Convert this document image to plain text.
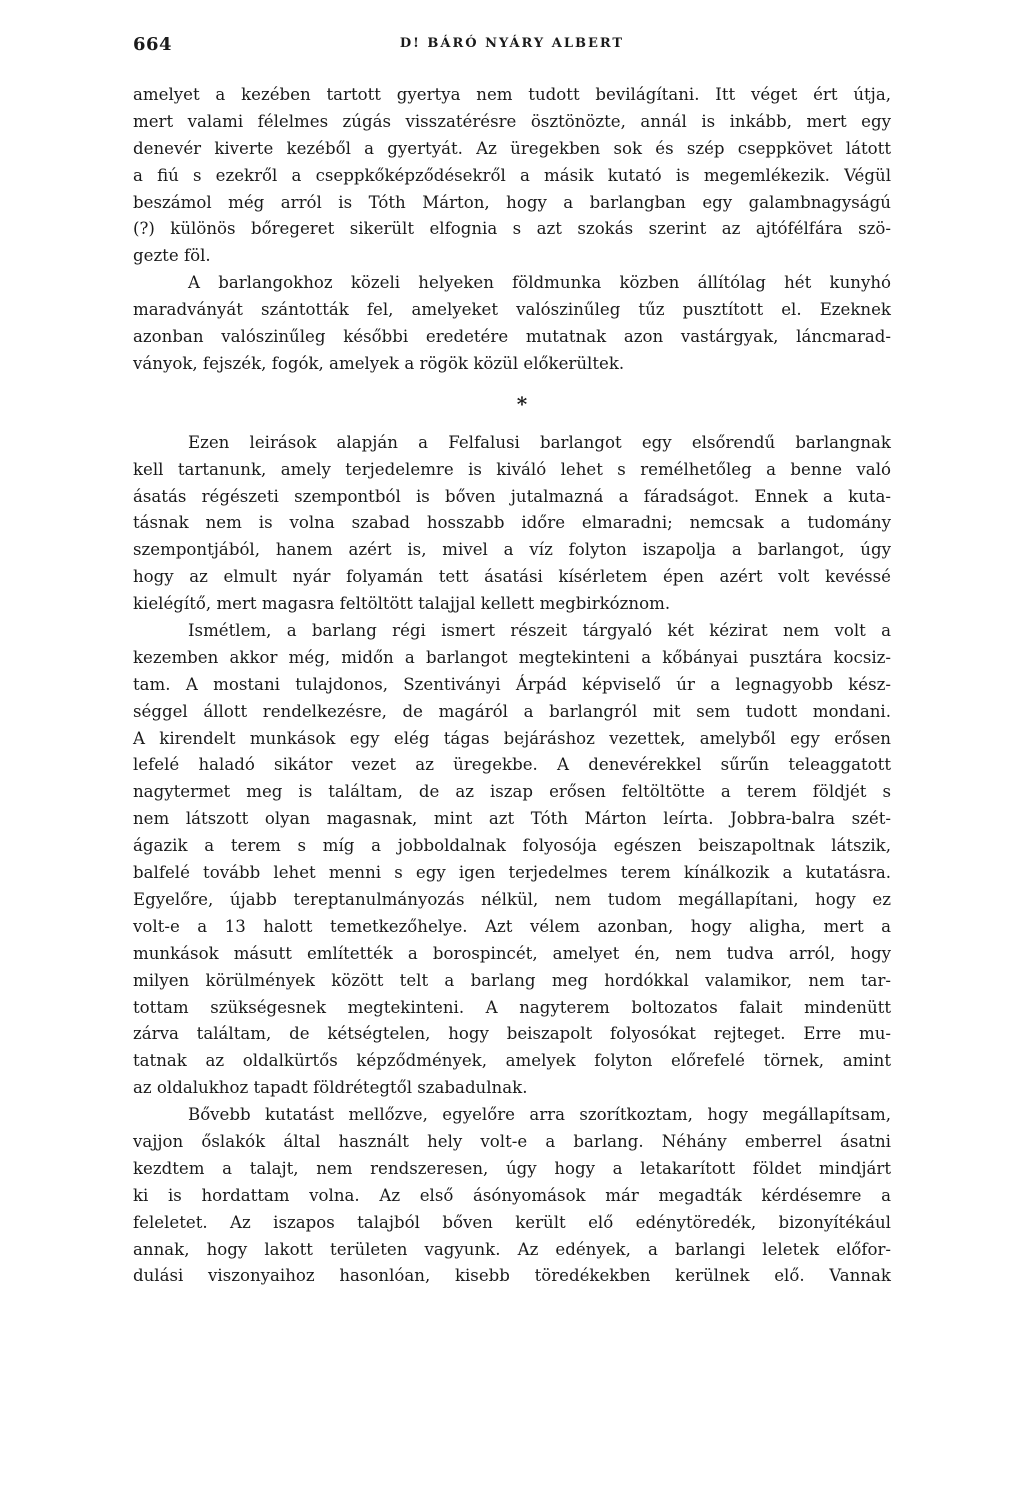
664	D! BÁRÓ NYÁRY ALBERT
amelyet a kezében tartott gyertya nem tudott bevilágítani. Itt véget ért útja,
mert valami félelmes zúgás visszatérésre ösztönözte, annál is inkább, mert egy
denevér kiverte kezéből a gyertyát. Az üregekben sok és szép cseppkövet látott
a fiú s ezekről a cseppkőképződésekről a másik kutató is megemlékezik. Végül
beszámol még arról is Tóth Márton, hogy a barlangban egy galambnagyságú
(?) különös bőregeret sikerült elfognia s azt szokás szerint az ajtófélfára szö-
gezte föl.
A barlangokhoz közeli helyeken földmunka közben állítólag hét kunyhó
maradványát szántották fel, amelyeket valószinűleg tűz pusztított el. Ezeknek
azonban valószinűleg későbbi eredetére mutatnak azon vastárgyak, láncmarad-
ványok, fejszék, fogók, amelyek a rögök közül előkerültek.
*
Ezen leirások alapján a Felfalusi barlangot egy elsőrendű barlangnak
kell tartanunk, amely terjedelemre is kiváló lehet s remélhetőleg a benne való
ásatás régészeti szempontból is bőven jutalmazná a fáradságot. Ennek a kuta-
tásnak nem is volna szabad hosszabb időre elmaradni; nemcsak a tudomány
szempontjából, hanem azért is, mivel a víz folyton iszapolja a barlangot, úgy
hogy az elmult nyár folyamán tett ásatási kísérletem épen azért volt kevéssé
kielégítő, mert magasra feltöltött talajjal kellett megbirkóznom.
Ismétlem, a barlang régi ismert részeit tárgyaló két kézirat nem volt a
kezemben akkor még, midőn a barlangot megtekinteni a kőbányai pusztára kocsiz-
tam. A mostani tulajdonos, Szentiványi Árpád képviselő úr a legnagyobb kész-
séggel állott rendelkezésre, de magáról a barlangról mit sem tudott mondani.
A kirendelt munkások egy elég tágas bejáráshoz vezettek, amelyből egy erősen
lefelé haladó sikátor vezet az üregekbe. A denevérekkel sűrűn teleaggatott
nagytermet meg is találtam, de az iszap erősen feltöltötte a terem földjét s
nem látszott olyan magasnak, mint azt Tóth Márton leírta. Jobbra-balra szét-
ágazik a terem s míg a jobboldalnak folyosója egészen beiszapoltnak látszik,
balfelé tovább lehet menni s egy igen terjedelmes terem kínálkozik a kutatásra.
Egyelőre, újabb tereptanulmányozás nélkül, nem tudom megállapítani, hogy ez
volt-e a 13 halott temetkezőhelye. Azt vélem azonban, hogy aligha, mert a
munkások másutt említették a borospincét, amelyet én, nem tudva arról, hogy
milyen körülmények között telt a barlang meg hordókkal valamikor, nem tar-
tottam szükségesnek megtekinteni. A nagyterem boltozatos falait mindenütt
zárva találtam, de kétségtelen, hogy beiszapolt folyosókat rejteget. Erre mu-
tatnak az oldalkürtős képződmények, amelyek folyton előrefelé törnek, amint
az oldalukhoz tapadt földrétegtől szabadulnak.
Bővebb kutatást mellőzve, egyelőre arra szorítkoztam, hogy megállapítsam,
vajjon őslakók által használt hely volt-e a barlang. Néhány emberrel ásatni
kezdtem a talajt, nem rendszeresen, úgy hogy a letakarított földet mindjárt
ki is hordattam volna. Az első ásónyomások már megadták kérdésemre a
feleletet. Az iszapos talajból bőven került elő edénytöredék, bizonyítékául
annak, hogy lakott területen vagyunk. Az edények, a barlangi leletek előfor-
dulási viszonyaihoz hasonlóan, kisebb töredékekben kerülnek elő. Vannak
